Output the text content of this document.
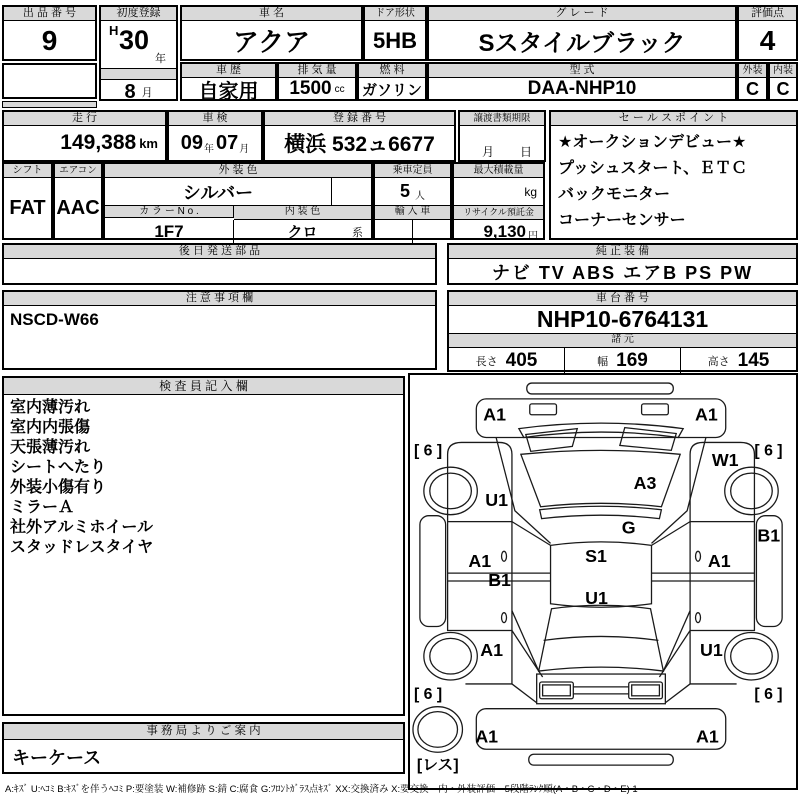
出 品 番 号
9
初度登録
H 30
年
8 月
車 名
アクア
ドア形状
5HB
グ レ ー ド
Sスタイルブラック
評価点
4
車 歴
自家用
排 気 量
1500 cc
燃 料
ガソリン
型 式
DAA-NHP10
外装
C
内装
C
走 行
149,388 km
車 検
09 年 07 月
登 録 番 号
横浜 532ュ6677
譲渡書類期限
月 日
セ ー ル ス ポ イ ン ト
★オークションデビュー★
プッシュスタート、ＥＴＣ
バックモニター
コーナーセンサー
シフト
FAT
エアコン
AAC
外 装 色
シルバー
カ ラ ー N o .	内 装 色
1F7	クロ	系
乗車定員
5 人
輸 入 車
最大積載量
kg
リサイクル預託金
9,130 円
後 日 発 送 部 品	純 正 装 備
ナビ TV ABS エアB PS PW
注 意 事 項 欄
NSCD-W66
車 台 番 号
NHP10-6764131
諸 元
長さ 405	幅 169	高さ 145
検 査 員 記 入 欄
室内薄汚れ
室内内張傷
天張薄汚れ
シートへたり
外装小傷有り
ミラーＡ
社外アルミホイール
スタッドレスタイヤ
A1	A1
[ 6 ]	[ 6 ]
W1
U1
A3
G
S1
U1
A1
B1
A1
B1
A1	U1
[ 6 ]	[ 6 ]
A1	A1
[レス]
事 務 局 よ り ご 案 内
キーケース
A:ｷｽﾞ U:ﾍｺﾐ B:ｷｽﾞを伴うﾍｺﾐ P:要塗装 W:補修跡 S:錆 C:腐食 G:ﾌﾛﾝﾄｶﾞﾗｽ点ｷｽﾞ XX:交換済み X:要交換　内・外装評価　5段階ﾗﾝｸ順(A・B・C・D・E) 1
